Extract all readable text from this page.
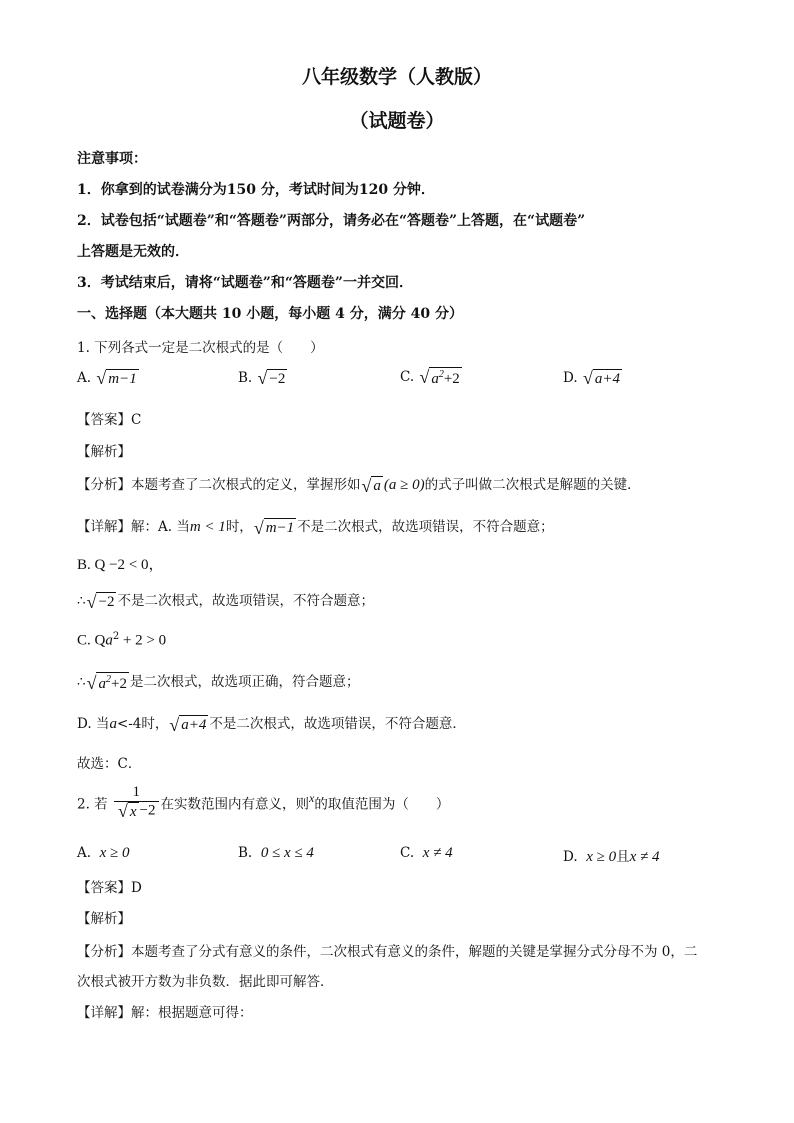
八年级数学（人教版）
（试题卷）
注意事项：
1．你拿到的试卷满分为150 分，考试时间为120 分钟．
2．试卷包括“试题卷”和“答题卷”两部分，请务必在“答题卷”上答题，在“试题卷”
上答题是无效的．
3．考试结束后，请将“试题卷”和“答题卷”一并交回．
一、选择题（本大题共 10 小题，每小题 4 分，满分 40 分）
1. 下列各式一定是二次根式的是（　　）
A. √ m−1	B. √ −2	C. √ $a^2+2$	D. √ a+4
【答案】C
【解析】
【分析】本题考查了二次根式的定义，掌握形如√ a (a ≥ 0)的式子叫做二次根式是解题的关键．
【详解】解：A. 当m < 1时，√ m−1 不是二次根式，故选项错误，不符合题意；
B. Q −2 < 0，
∴√ −2 不是二次根式，故选项错误，不符合题意；
C. $Qa^2 + 2 > 0$
∴√ $a^2+2$ 是二次根式，故选项正确，符合题意；
D. 当a<-4时，√ a+4 不是二次根式，故选项错误，不符合题意．
故选：C．
2. 若 $\frac{1}{√ x -2}$ 在实数范围内有意义，则x的取值范围为（　　）
A. x ≥ 0	B. 0 ≤ x ≤ 4	C. x ≠ 4	D. x ≥ 0且x ≠ 4
【答案】D
【解析】
【分析】本题考查了分式有意义的条件，二次根式有意义的条件，解题的关键是掌握分式分母不为 0，二
次根式被开方数为非负数．据此即可解答．
【详解】解：根据题意可得：
